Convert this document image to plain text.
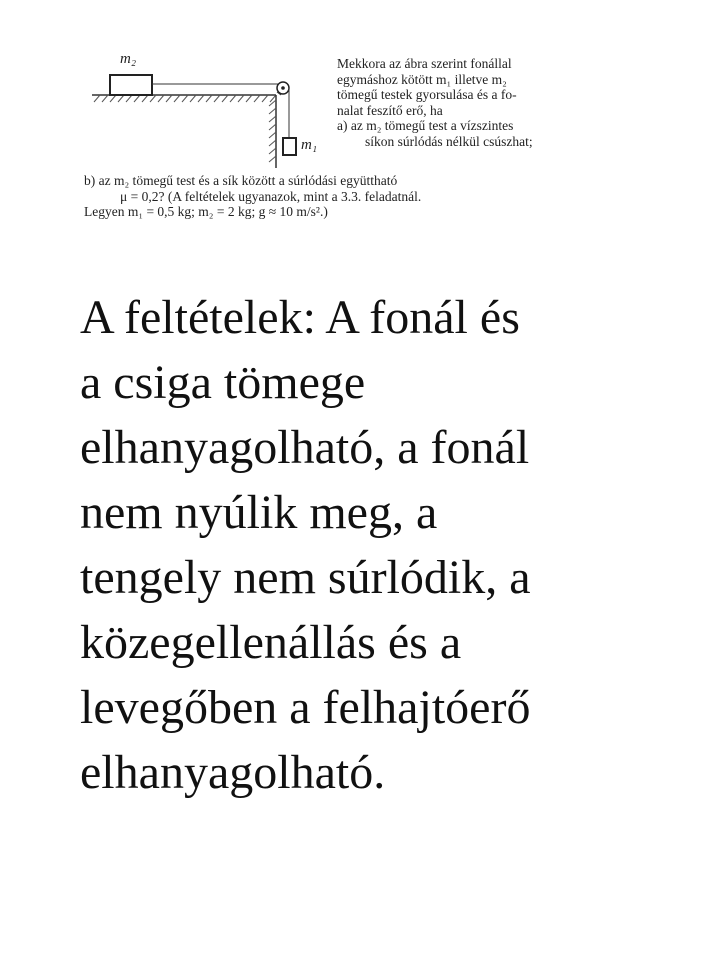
m₂
m₁
Mekkora az ábra szerint fonállal
egymáshoz kötött m₁ illetve m₂
tömegű testek gyorsulása és a fo-
nalat feszítő erő, ha
a) az m₂ tömegű test a vízszintes
síkon súrlódás nélkül csúszhat;
b) az m₂ tömegű test és a sík között a súrlódási együttható
μ = 0,2? (A feltételek ugyanazok, mint a 3.3. feladatnál.
Legyen m₁ = 0,5 kg; m₂ = 2 kg; g ≈ 10 m/s².)
A feltételek: A fonál és
a csiga tömege
elhanyagolható, a fonál
nem nyúlik meg, a
tengely nem súrlódik, a
közegellenállás és a
levegőben a felhajtóerő
elhanyagolható.
